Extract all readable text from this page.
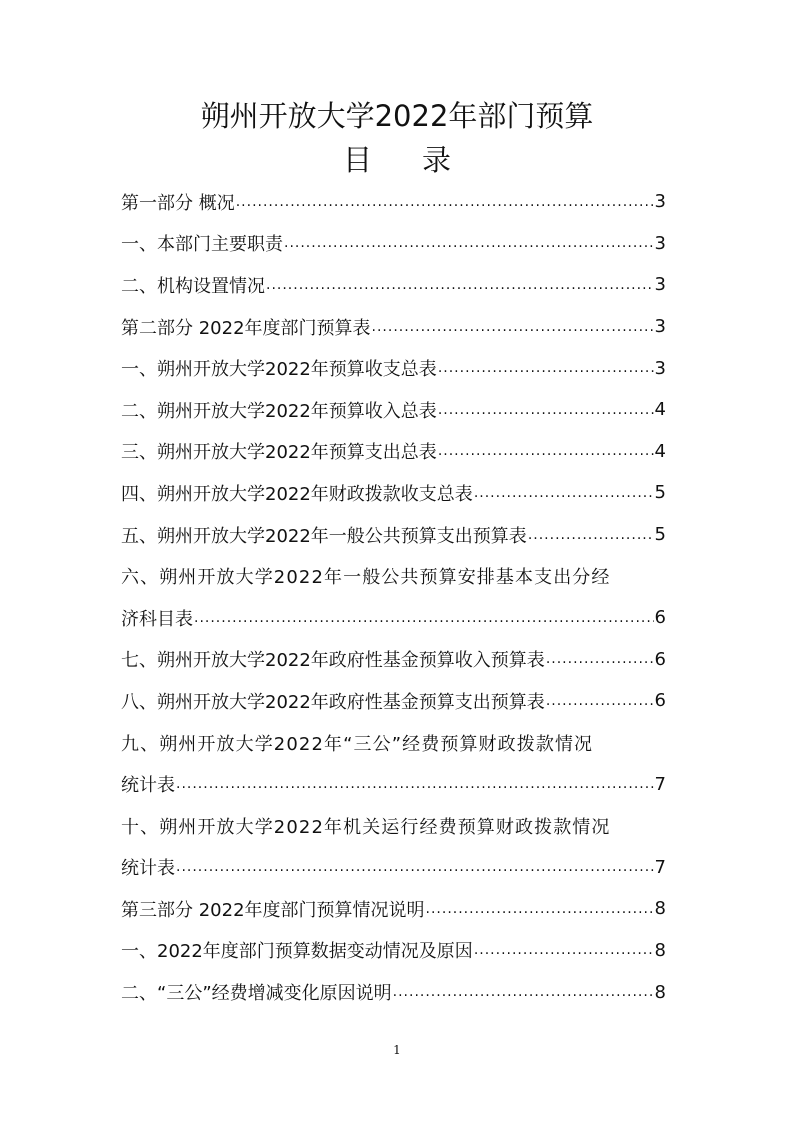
朔州开放大学2022年部门预算
目录
第一部分 概况 .....	3
一、本部门主要职责 .....	3
二、机构设置情况 .....	3
第二部分 2022年度部门预算表 .....	3
一、朔州开放大学2022年预算收支总表 .....	3
二、朔州开放大学2022年预算收入总表 .....	4
三、朔州开放大学2022年预算支出总表 .....	4
四、朔州开放大学2022年财政拨款收支总表 .....	5
五、朔州开放大学2022年一般公共预算支出预算表 .....	5
六、朔州开放大学2022年一般公共预算安排基本支出分经
济科目表 .....	6
七、朔州开放大学2022年政府性基金预算收入预算表 .....	6
八、朔州开放大学2022年政府性基金预算支出预算表 .....	6
九、朔州开放大学2022年“三公”经费预算财政拨款情况
统计表 .....	7
十、朔州开放大学2022年机关运行经费预算财政拨款情况
统计表 .....	7
第三部分 2022年度部门预算情况说明 .....	8
一、2022年度部门预算数据变动情况及原因 .....	8
二、“三公”经费增减变化原因说明 .....	8
1
